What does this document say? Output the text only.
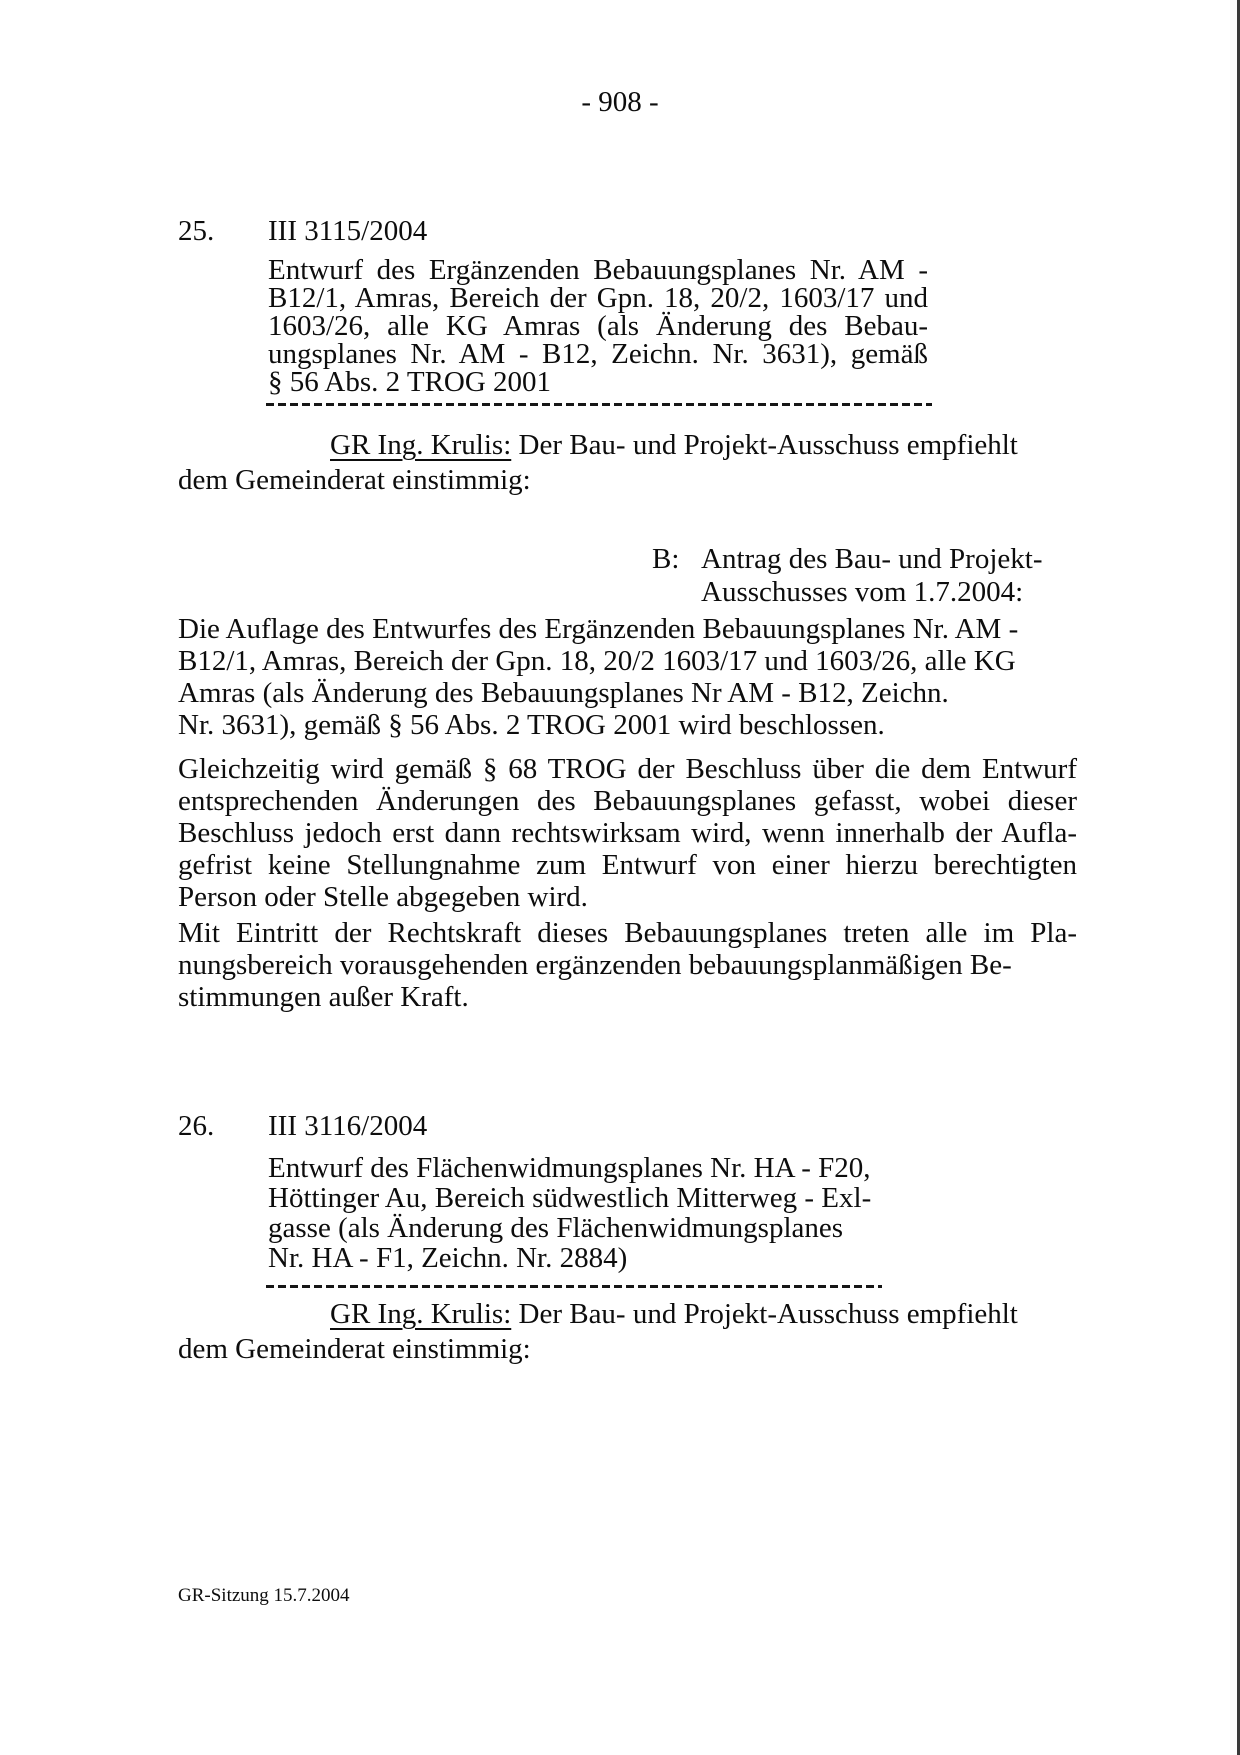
- 908 -
25. III 3115/2004
Entwurf des Ergänzenden Bebauungsplanes Nr. AM -
B12/1, Amras, Bereich der Gpn. 18, 20/2, 1603/17 und
1603/26, alle KG Amras (als Änderung des Bebau-
ungsplanes Nr. AM - B12, Zeichn. Nr. 3631), gemäß
§ 56 Abs. 2 TROG 2001
GR Ing. Krulis: Der Bau- und Projekt-Ausschuss empfiehlt
dem Gemeinderat einstimmig:
B: Antrag des Bau- und Projekt-
Ausschusses vom 1.7.2004:
Die Auflage des Entwurfes des Ergänzenden Bebauungsplanes Nr. AM -
B12/1, Amras, Bereich der Gpn. 18, 20/2 1603/17 und 1603/26, alle KG
Amras (als Änderung des Bebauungsplanes Nr AM - B12, Zeichn.
Nr. 3631), gemäß § 56 Abs. 2 TROG 2001 wird beschlossen.
Gleichzeitig wird gemäß § 68 TROG der Beschluss über die dem Entwurf
entsprechenden Änderungen des Bebauungsplanes gefasst, wobei dieser
Beschluss jedoch erst dann rechtswirksam wird, wenn innerhalb der Aufla-
gefrist keine Stellungnahme zum Entwurf von einer hierzu berechtigten
Person oder Stelle abgegeben wird.
Mit Eintritt der Rechtskraft dieses Bebauungsplanes treten alle im Pla-
nungsbereich vorausgehenden ergänzenden bebauungsplanmäßigen Be-
stimmungen außer Kraft.
26. III 3116/2004
Entwurf des Flächenwidmungsplanes Nr. HA - F20,
Höttinger Au, Bereich südwestlich Mitterweg - Exl-
gasse (als Änderung des Flächenwidmungsplanes
Nr. HA - F1, Zeichn. Nr. 2884)
GR Ing. Krulis: Der Bau- und Projekt-Ausschuss empfiehlt
dem Gemeinderat einstimmig:
GR-Sitzung 15.7.2004
